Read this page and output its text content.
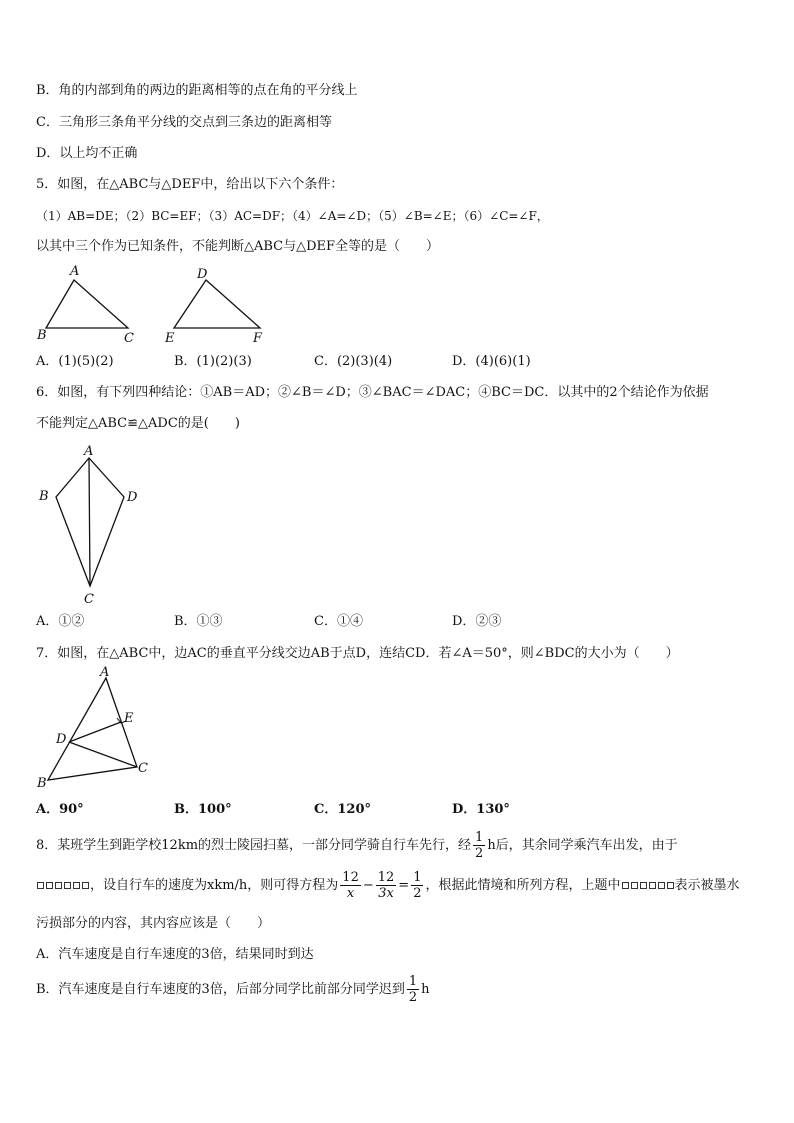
B．角的内部到角的两边的距离相等的点在角的平分线上
C．三角形三条角平分线的交点到三条边的距离相等
D．以上均不正确
5．如图，在△ABC与△DEF中，给出以下六个条件：
（1）AB=DE；（2）BC=EF；（3）AC=DF；（4）∠A=∠D；（5）∠B=∠E；（6）∠C=∠F，
以其中三个作为已知条件，不能判断△ABC与△DEF全等的是（　　）
A
B	C
D
E	F
A．(1)(5)(2)	B．(1)(2)(3)	C．(2)(3)(4)	D．(4)(6)(1)
6．如图，有下列四种结论：①AB＝AD；②∠B＝∠D；③∠BAC＝∠DAC；④BC＝DC．以其中的2个结论作为依据
不能判定△ABC≌△ADC的是(　　)
A
B	D
C
A．①②	B．①③	C．①④	D．②③
7．如图，在△ABC中，边AC的垂直平分线交边AB于点D，连结CD．若∠A＝50°，则∠BDC的大小为（　　）
A
E
D
C
B
A．90°	B．100°	C．120°	D．130°
8．某班学生到距学校12km的烈士陵园扫墓，一部分同学骑自行车先行，经 $\frac{1}{2}$ h后，其余同学乘汽车出发，由于
，设自行车的速度为xkm/h，则可得方程为 $\frac{12}{x} - \frac{12}{3x} = \frac{1}{2}$ ，根据此情境和所列方程，上题中	表示被墨水
污损部分的内容，其内容应该是（　　）
A．汽车速度是自行车速度的3倍，结果同时到达
B．汽车速度是自行车速度的3倍，后部分同学比前部分同学迟到 $\frac{1}{2}$ h
